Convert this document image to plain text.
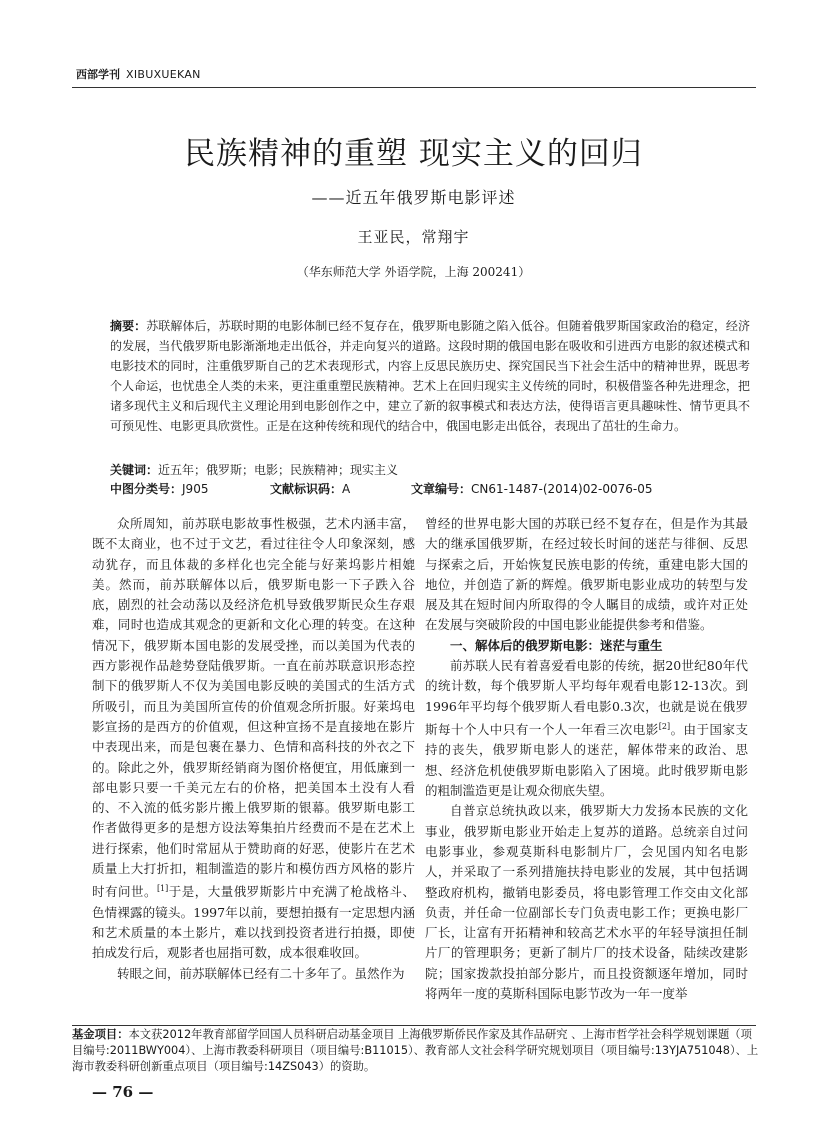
西部学刊 XIBUXUEKAN
民族精神的重塑 现实主义的回归
——近五年俄罗斯电影评述
王亚民，常翔宇
（华东师范大学 外语学院，上海 200241）
摘要：苏联解体后，苏联时期的电影体制已经不复存在，俄罗斯电影随之陷入低谷。但随着俄罗斯国家政治的稳定，经济的发展，当代俄罗斯电影渐渐地走出低谷，并走向复兴的道路。这段时期的俄国电影在吸收和引进西方电影的叙述模式和电影技术的同时，注重俄罗斯自己的艺术表现形式，内容上反思民族历史、探究国民当下社会生活中的精神世界，既思考个人命运，也忧患全人类的未来，更注重重塑民族精神。艺术上在回归现实主义传统的同时，积极借鉴各种先进理念，把诸多现代主义和后现代主义理论用到电影创作之中，建立了新的叙事模式和表达方法，使得语言更具趣味性、情节更具不可预见性、电影更具欣赏性。正是在这种传统和现代的结合中，俄国电影走出低谷，表现出了茁壮的生命力。
关键词：近五年；俄罗斯；电影；民族精神；现实主义
中图分类号：J905	文献标识码：A	文章编号：CN61-1487-(2014)02-0076-05

众所周知，前苏联电影故事性极强，艺术内涵丰富，既不太商业，也不过于文艺，看过往往令人印象深刻，感动犹存，而且体裁的多样化也完全能与好莱坞影片相媲美。然而，前苏联解体以后，俄罗斯电影一下子跌入谷底，剧烈的社会动荡以及经济危机导致俄罗斯民众生存艰难，同时也造成其观念的更新和文化心理的转变。在这种情况下，俄罗斯本国电影的发展受挫，而以美国为代表的西方影视作品趁势登陆俄罗斯。一直在前苏联意识形态控制下的俄罗斯人不仅为美国电影反映的美国式的生活方式所吸引，而且为美国所宣传的价值观念所折服。好莱坞电影宣扬的是西方的价值观，但这种宣扬不是直接地在影片中表现出来，而是包裹在暴力、色情和高科技的外衣之下的。除此之外，俄罗斯经销商为图价格便宜，用低廉到一部电影只要一千美元左右的价格，把美国本土没有人看的、不入流的低劣影片搬上俄罗斯的银幕。俄罗斯电影工作者做得更多的是想方设法筹集拍片经费而不是在艺术上进行探索，他们时常屈从于赞助商的好恶，使影片在艺术质量上大打折扣，粗制滥造的影片和模仿西方风格的影片时有问世。[1]于是，大量俄罗斯影片中充满了枪战格斗、色情裸露的镜头。1997年以前，要想拍摄有一定思想内涵和艺术质量的本土影片，难以找到投资者进行拍摄，即使拍成发行后，观影者也屈指可数，成本很难收回。

转眼之间，前苏联解体已经有二十多年了。虽然作为

曾经的世界电影大国的苏联已经不复存在，但是作为其最大的继承国俄罗斯，在经过较长时间的迷茫与徘徊、反思与探索之后，开始恢复民族电影的传统，重建电影大国的地位，并创造了新的辉煌。俄罗斯电影业成功的转型与发展及其在短时间内所取得的令人瞩目的成绩，或许对正处在发展与突破阶段的中国电影业能提供参考和借鉴。

一、解体后的俄罗斯电影：迷茫与重生

前苏联人民有着喜爱看电影的传统，据20世纪80年代的统计数，每个俄罗斯人平均每年观看电影12-13次。到1996年平均每个俄罗斯人看电影0.3次，也就是说在俄罗斯每十个人中只有一个人一年看三次电影[2]。由于国家支持的丧失，俄罗斯电影人的迷茫，解体带来的政治、思想、经济危机使俄罗斯电影陷入了困境。此时俄罗斯电影的粗制滥造更是让观众彻底失望。

自普京总统执政以来，俄罗斯大力发扬本民族的文化事业，俄罗斯电影业开始走上复苏的道路。总统亲自过问电影事业，参观莫斯科电影制片厂，会见国内知名电影人，并采取了一系列措施扶持电影业的发展，其中包括调整政府机构，撤销电影委员，将电影管理工作交由文化部负责，并任命一位副部长专门负责电影工作；更换电影厂厂长，让富有开拓精神和较高艺术水平的年轻导演担任制片厂的管理职务；更新了制片厂的技术设备，陆续改建影院；国家拨款投拍部分影片，而且投资额逐年增加，同时将两年一度的莫斯科国际电影节改为一年一度举

基金项目：本文获2012年教育部留学回国人员科研启动基金项目 上海俄罗斯侨民作家及其作品研究 、上海市哲学社会科学规划课题（项目编号:2011BWY004）、上海市教委科研项目（项目编号:B11015）、教育部人文社会科学研究规划项目（项目编号:13YJA751048）、上海市教委科研创新重点项目（项目编号:14ZS043）的资助。
— 76 —
